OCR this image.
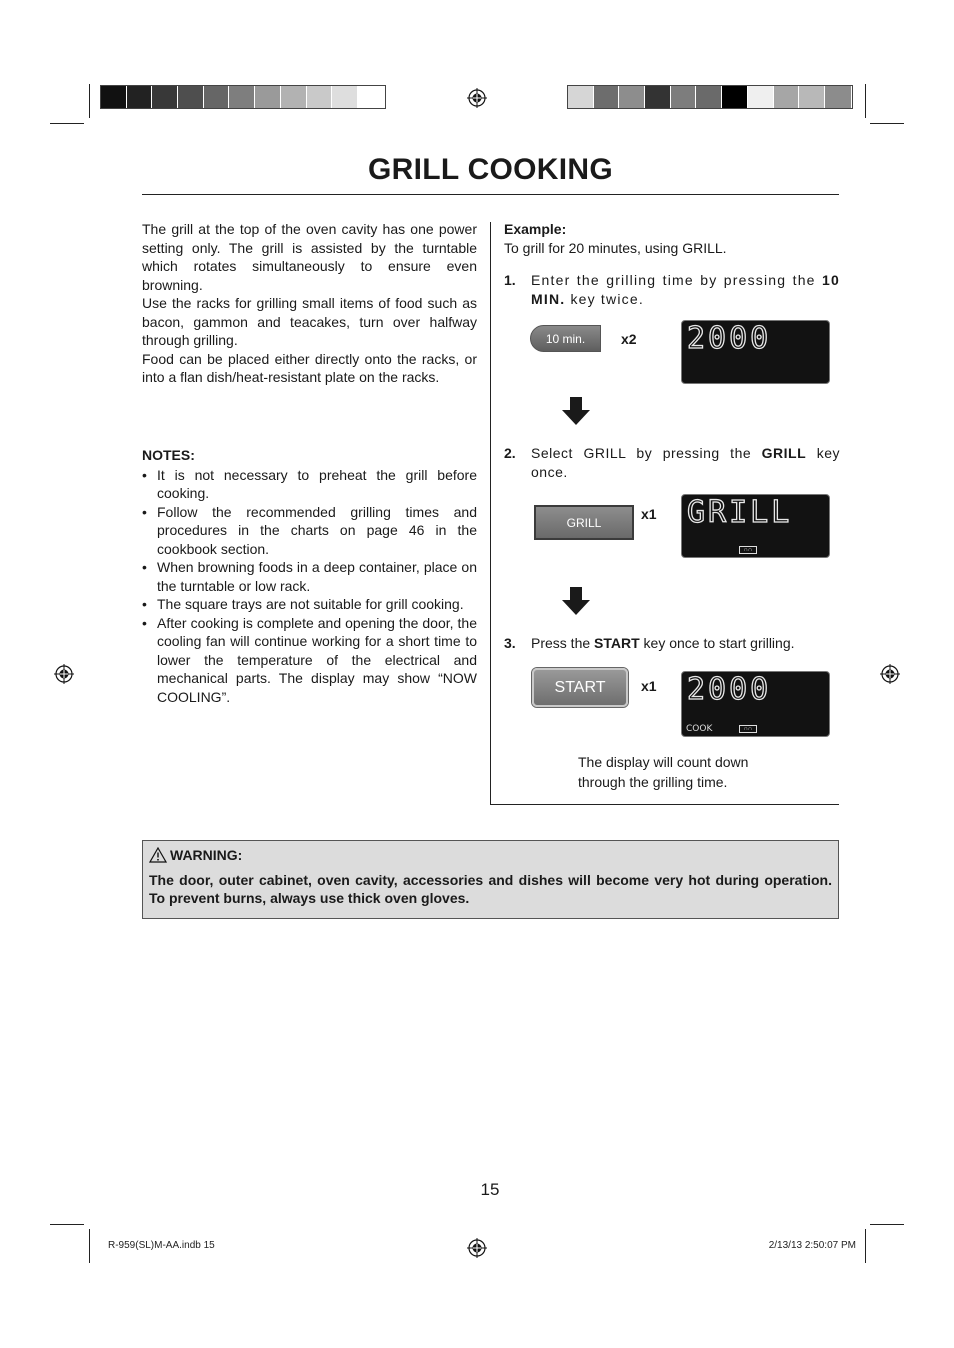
GRILL COOKING

The grill at the top of the oven cavity has one power setting only. The grill is assisted by the turntable which rotates simultaneously to ensure even browning.

Use the racks for grilling small items of food such as bacon, gammon and teacakes, turn over halfway through grilling.

Food can be placed either directly onto the racks, or into a flan dish/heat-resistant plate on the racks.

NOTES:
• It is not necessary to preheat the grill before cooking.
• Follow the recommended grilling times and procedures in the charts on page 46 in the cookbook section.
• When browning foods in a deep container, place on the turntable or low rack.
• The square trays are not suitable for grill cooking.
• After cooking is complete and opening the door, the cooling fan will continue working for a short time to lower the temperature of the electrical and mechanical parts. The display may show “NOW COOLING”.
Example:
To grill for 20 minutes, using GRILL.
1. Enter the grilling time by pressing the 10 MIN. key twice.
10 min.	x2 2000
2. Select GRILL by pressing the GRILL key once.
GRILL
x1 GRILL
∩∩
3. Press the START key once to start grilling.
START	x1 2000
COOK	∩∩
The display will count down
through the grilling time.
WARNING:
The door, outer cabinet, oven cavity, accessories and dishes will become very hot during operation. To prevent burns, always use thick oven gloves.
15
R-959(SL)M-AA.indb 15	2/13/13 2:50:07 PM
